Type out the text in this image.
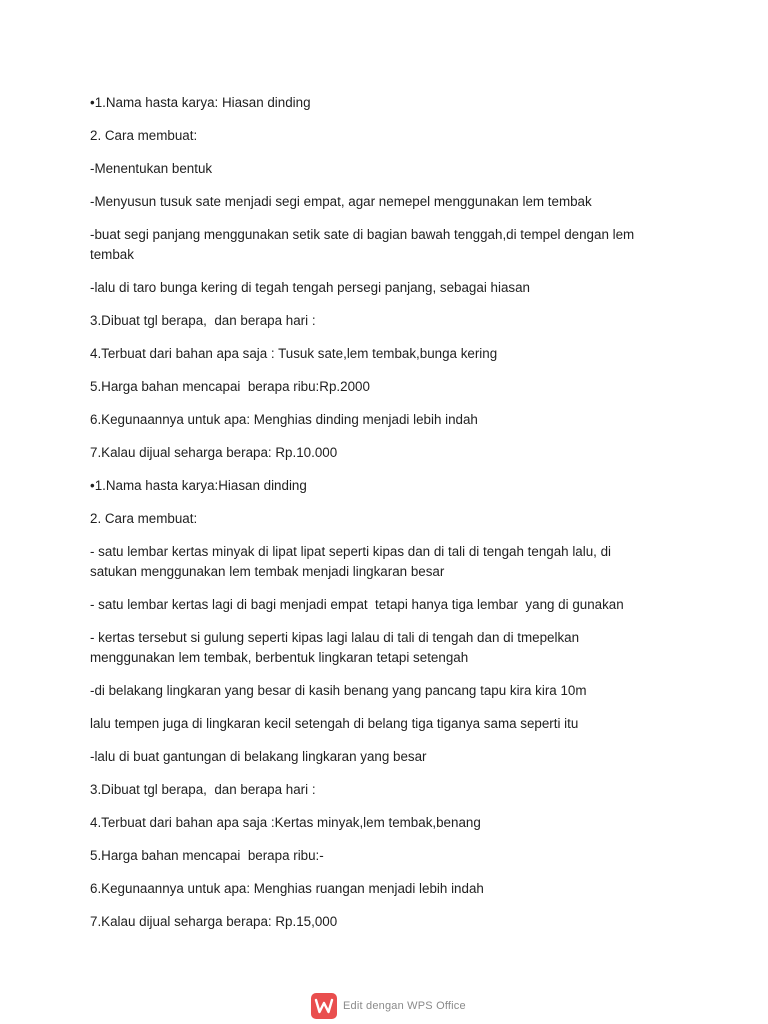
•1.Nama hasta karya: Hiasan dinding

2. Cara membuat:

-Menentukan bentuk

-Menyusun tusuk sate menjadi segi empat, agar nemepel menggunakan lem tembak

-buat segi panjang menggunakan setik sate di bagian bawah tenggah,di tempel dengan lem
tembak

-lalu di taro bunga kering di tegah tengah persegi panjang, sebagai hiasan

3.Dibuat tgl berapa,  dan berapa hari :

4.Terbuat dari bahan apa saja : Tusuk sate,lem tembak,bunga kering

5.Harga bahan mencapai  berapa ribu:Rp.2000

6.Kegunaannya untuk apa: Menghias dinding menjadi lebih indah

7.Kalau dijual seharga berapa: Rp.10.000

•1.Nama hasta karya:Hiasan dinding

2. Cara membuat:

- satu lembar kertas minyak di lipat lipat seperti kipas dan di tali di tengah tengah lalu, di
satukan menggunakan lem tembak menjadi lingkaran besar

- satu lembar kertas lagi di bagi menjadi empat  tetapi hanya tiga lembar  yang di gunakan

- kertas tersebut si gulung seperti kipas lagi lalau di tali di tengah dan di tmepelkan
menggunakan lem tembak, berbentuk lingkaran tetapi setengah

-di belakang lingkaran yang besar di kasih benang yang pancang tapu kira kira 10m

lalu tempen juga di lingkaran kecil setengah di belang tiga tiganya sama seperti itu

-lalu di buat gantungan di belakang lingkaran yang besar

3.Dibuat tgl berapa,  dan berapa hari :

4.Terbuat dari bahan apa saja :Kertas minyak,lem tembak,benang

5.Harga bahan mencapai  berapa ribu:-

6.Kegunaannya untuk apa: Menghias ruangan menjadi lebih indah

7.Kalau dijual seharga berapa: Rp.15,000

Edit dengan WPS Office
